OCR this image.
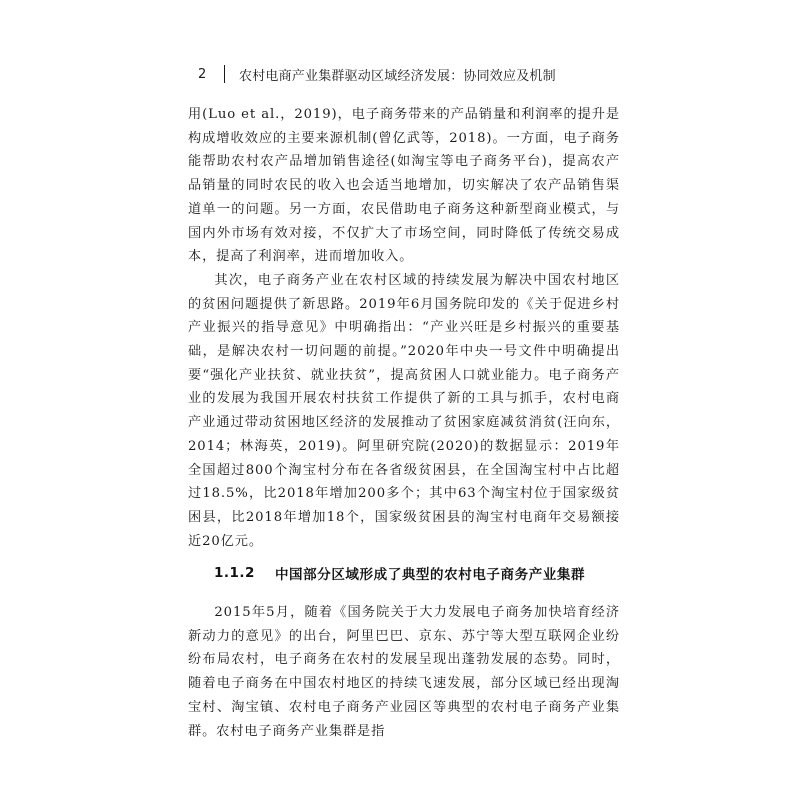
2	农村电商产业集群驱动区域经济发展：协同效应及机制

用(Luo et al.，2019)，电子商务带来的产品销量和利润率的提升是构成增收效应的主要来源机制(曾亿武等，2018)。一方面，电子商务能帮助农村农产品增加销售途径(如淘宝等电子商务平台)，提高农产品销量的同时农民的收入也会适当地增加，切实解决了农产品销售渠道单一的问题。另一方面，农民借助电子商务这种新型商业模式，与国内外市场有效对接，不仅扩大了市场空间，同时降低了传统交易成本，提高了利润率，进而增加收入。

其次，电子商务产业在农村区域的持续发展为解决中国农村地区的贫困问题提供了新思路。2019年6月国务院印发的《关于促进乡村产业振兴的指导意见》中明确指出：“产业兴旺是乡村振兴的重要基础，是解决农村一切问题的前提。”2020年中央一号文件中明确提出要“强化产业扶贫、就业扶贫”，提高贫困人口就业能力。电子商务产业的发展为我国开展农村扶贫工作提供了新的工具与抓手，农村电商产业通过带动贫困地区经济的发展推动了贫困家庭减贫消贫(汪向东，2014；林海英，2019)。阿里研究院(2020)的数据显示：2019年全国超过800个淘宝村分布在各省级贫困县，在全国淘宝村中占比超过18.5%，比2018年增加200多个；其中63个淘宝村位于国家级贫困县，比2018年增加18个，国家级贫困县的淘宝村电商年交易额接近20亿元。

1.1.2 中国部分区域形成了典型的农村电子商务产业集群

2015年5月，随着《国务院关于大力发展电子商务加快培育经济新动力的意见》的出台，阿里巴巴、京东、苏宁等大型互联网企业纷纷布局农村，电子商务在农村的发展呈现出蓬勃发展的态势。同时，随着电子商务在中国农村地区的持续飞速发展，部分区域已经出现淘宝村、淘宝镇、农村电子商务产业园区等典型的农村电子商务产业集群。农村电子商务产业集群是指
